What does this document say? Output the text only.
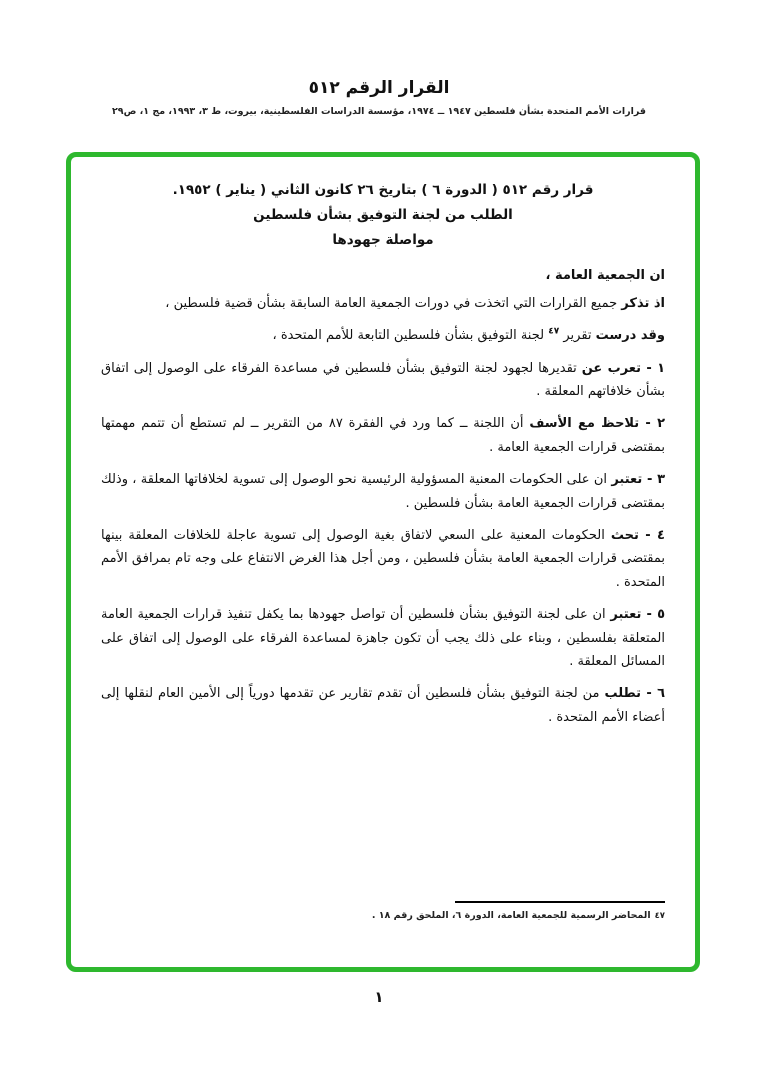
القرار الرقم ٥١٢
قرارات الأمم المتحدة بشأن فلسطين ١٩٤٧ ــ ١٩٧٤، مؤسسة الدراسات الفلسطينية، بيروت، ط ٣، ١٩٩٣، مج ١، ص٢٩
قرار رقم ٥١٢ ( الدورة ٦ ) بتاريخ ٢٦ كانون الثاني ( يناير ) ١٩٥٢.
الطلب من لجنة التوفيق بشأن فلسطين
مواصلة جهودها
ان الجمعية العامة ،
اذ تذكر جميع القرارات التي اتخذت في دورات الجمعية العامة السابقة بشأن قضية فلسطين ،
وقد درست تقرير $^{٤٧}$ لجنة التوفيق بشأن فلسطين التابعة للأمم المتحدة ،
١ - تعرب عن تقديرها لجهود لجنة التوفيق بشأن فلسطين في مساعدة الفرقاء على الوصول إلى اتفاق بشأن خلافاتهم المعلقة .
٢ - تلاحظ مع الأسف أن اللجنة ــ كما ورد في الفقرة ٨٧ من التقرير ــ لم تستطع أن تتمم مهمتها بمقتضى قرارات الجمعية العامة .
٣ - تعتبر ان على الحكومات المعنية المسؤولية الرئيسية نحو الوصول إلى تسوية لخلافاتها المعلقة ، وذلك بمقتضى قرارات الجمعية العامة بشأن فلسطين .
٤ - تحث الحكومات المعنية على السعي لاتفاق بغية الوصول إلى تسوية عاجلة للخلافات المعلقة بينها بمقتضى قرارات الجمعية العامة بشأن فلسطين ، ومن أجل هذا الغرض الانتفاع على وجه تام بمرافق الأمم المتحدة .
٥ - تعتبر ان على لجنة التوفيق بشأن فلسطين أن تواصل جهودها بما يكفل تنفيذ قرارات الجمعية العامة المتعلقة بفلسطين ، وبناء على ذلك يجب أن تكون جاهزة لمساعدة الفرقاء على الوصول إلى اتفاق على المسائل المعلقة .
٦ - تطلب من لجنة التوفيق بشأن فلسطين أن تقدم تقارير عن تقدمها دورياً إلى الأمين العام لنقلها إلى أعضاء الأمم المتحدة .
٤٧المحاضر الرسمية للجمعية العامة، الدورة ٦، الملحق رقم ١٨ .
١
